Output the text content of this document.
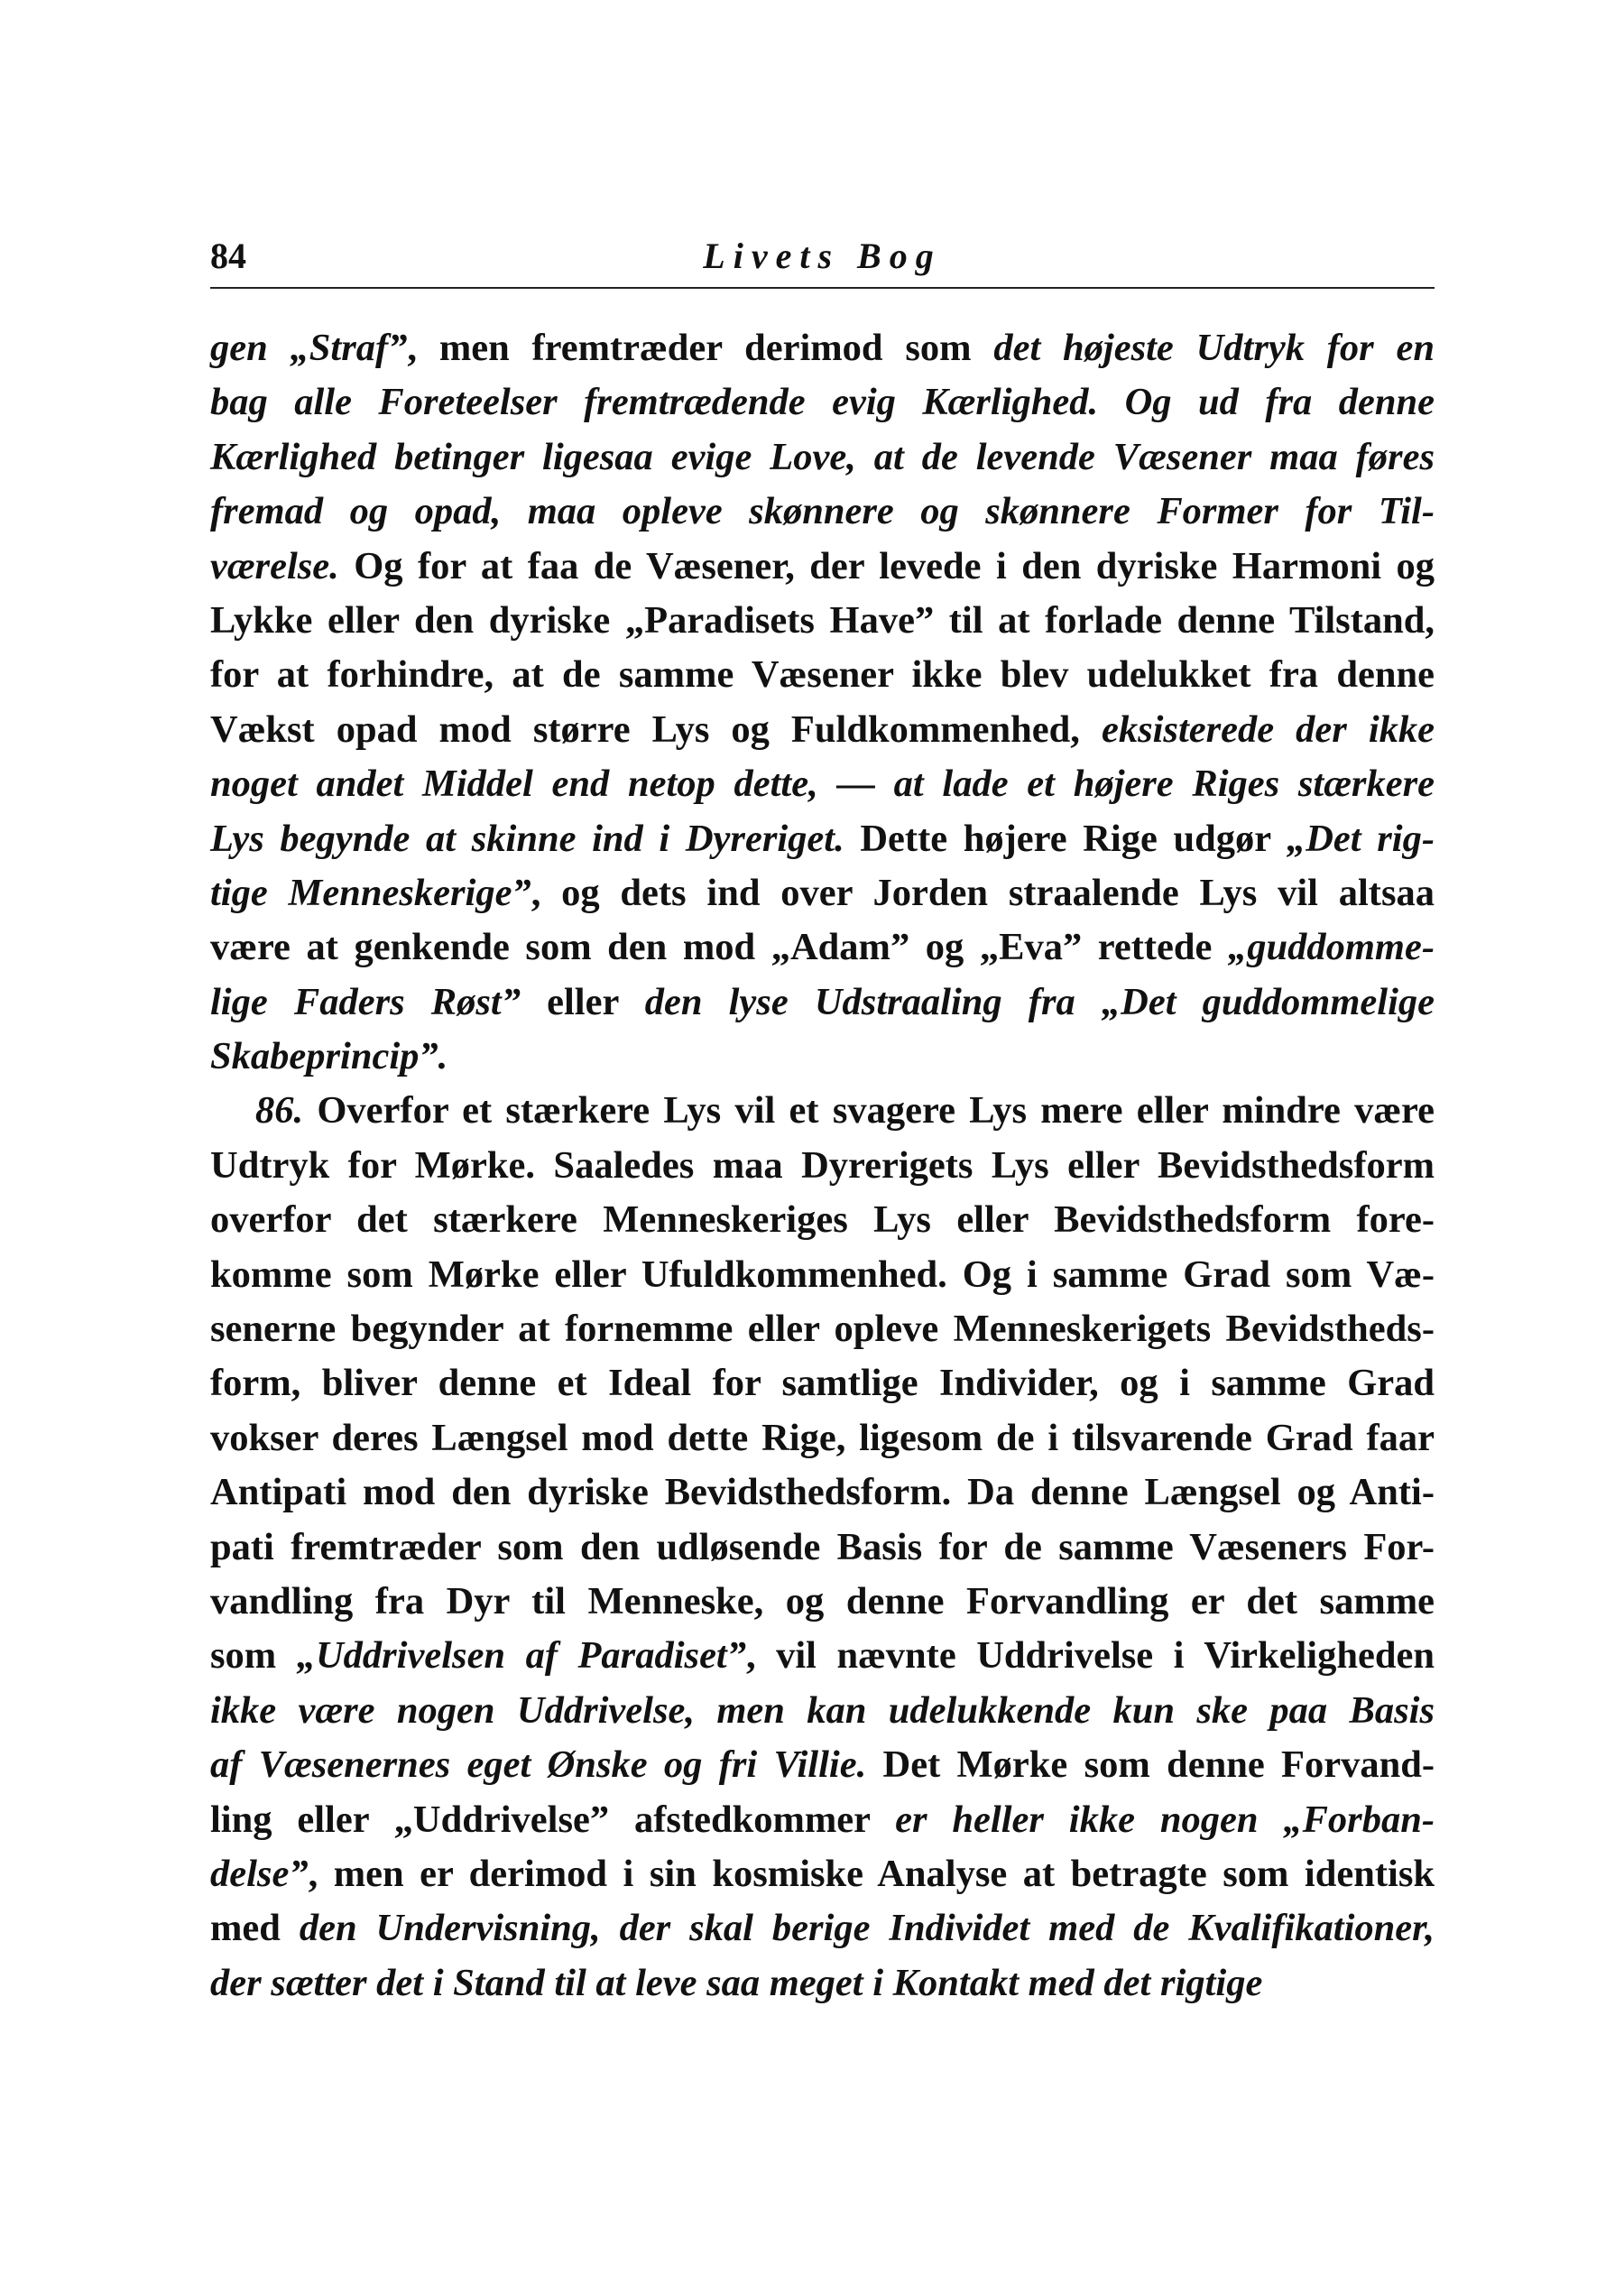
84	Livets Bog
gen „Straf”, men fremtræder derimod som det højeste Udtryk for en
bag alle Foreteelser fremtrædende evig Kærlighed. Og ud fra denne
Kærlighed betinger ligesaa evige Love, at de levende Væsener maa føres
fremad og opad, maa opleve skønnere og skønnere Former for Til-
værelse. Og for at faa de Væsener, der levede i den dyriske Harmoni og
Lykke eller den dyriske „Paradisets Have” til at forlade denne Tilstand,
for at forhindre, at de samme Væsener ikke blev udelukket fra denne
Vækst opad mod større Lys og Fuldkommenhed, eksisterede der ikke
noget andet Middel end netop dette, — at lade et højere Riges stærkere
Lys begynde at skinne ind i Dyreriget. Dette højere Rige udgør „Det rig-
tige Menneskerige”, og dets ind over Jorden straalende Lys vil altsaa
være at genkende som den mod „Adam” og „Eva” rettede „guddomme-
lige Faders Røst” eller den lyse Udstraaling fra „Det guddommelige
Skabeprincip”.
86. Overfor et stærkere Lys vil et svagere Lys mere eller mindre være
Udtryk for Mørke. Saaledes maa Dyrerigets Lys eller Bevidsthedsform
overfor det stærkere Menneskeriges Lys eller Bevidsthedsform fore-
komme som Mørke eller Ufuldkommenhed. Og i samme Grad som Væ-
senerne begynder at fornemme eller opleve Menneskerigets Bevidstheds-
form, bliver denne et Ideal for samtlige Individer, og i samme Grad
vokser deres Længsel mod dette Rige, ligesom de i tilsvarende Grad faar
Antipati mod den dyriske Bevidsthedsform. Da denne Længsel og Anti-
pati fremtræder som den udløsende Basis for de samme Væseners For-
vandling fra Dyr til Menneske, og denne Forvandling er det samme
som „Uddrivelsen af Paradiset”, vil nævnte Uddrivelse i Virkeligheden
ikke være nogen Uddrivelse, men kan udelukkende kun ske paa Basis
af Væsenernes eget Ønske og fri Villie. Det Mørke som denne Forvand-
ling eller „Uddrivelse” afstedkommer er heller ikke nogen „Forban-
delse”, men er derimod i sin kosmiske Analyse at betragte som identisk
med den Undervisning, der skal berige Individet med de Kvalifikationer,
der sætter det i Stand til at leve saa meget i Kontakt med det rigtige
